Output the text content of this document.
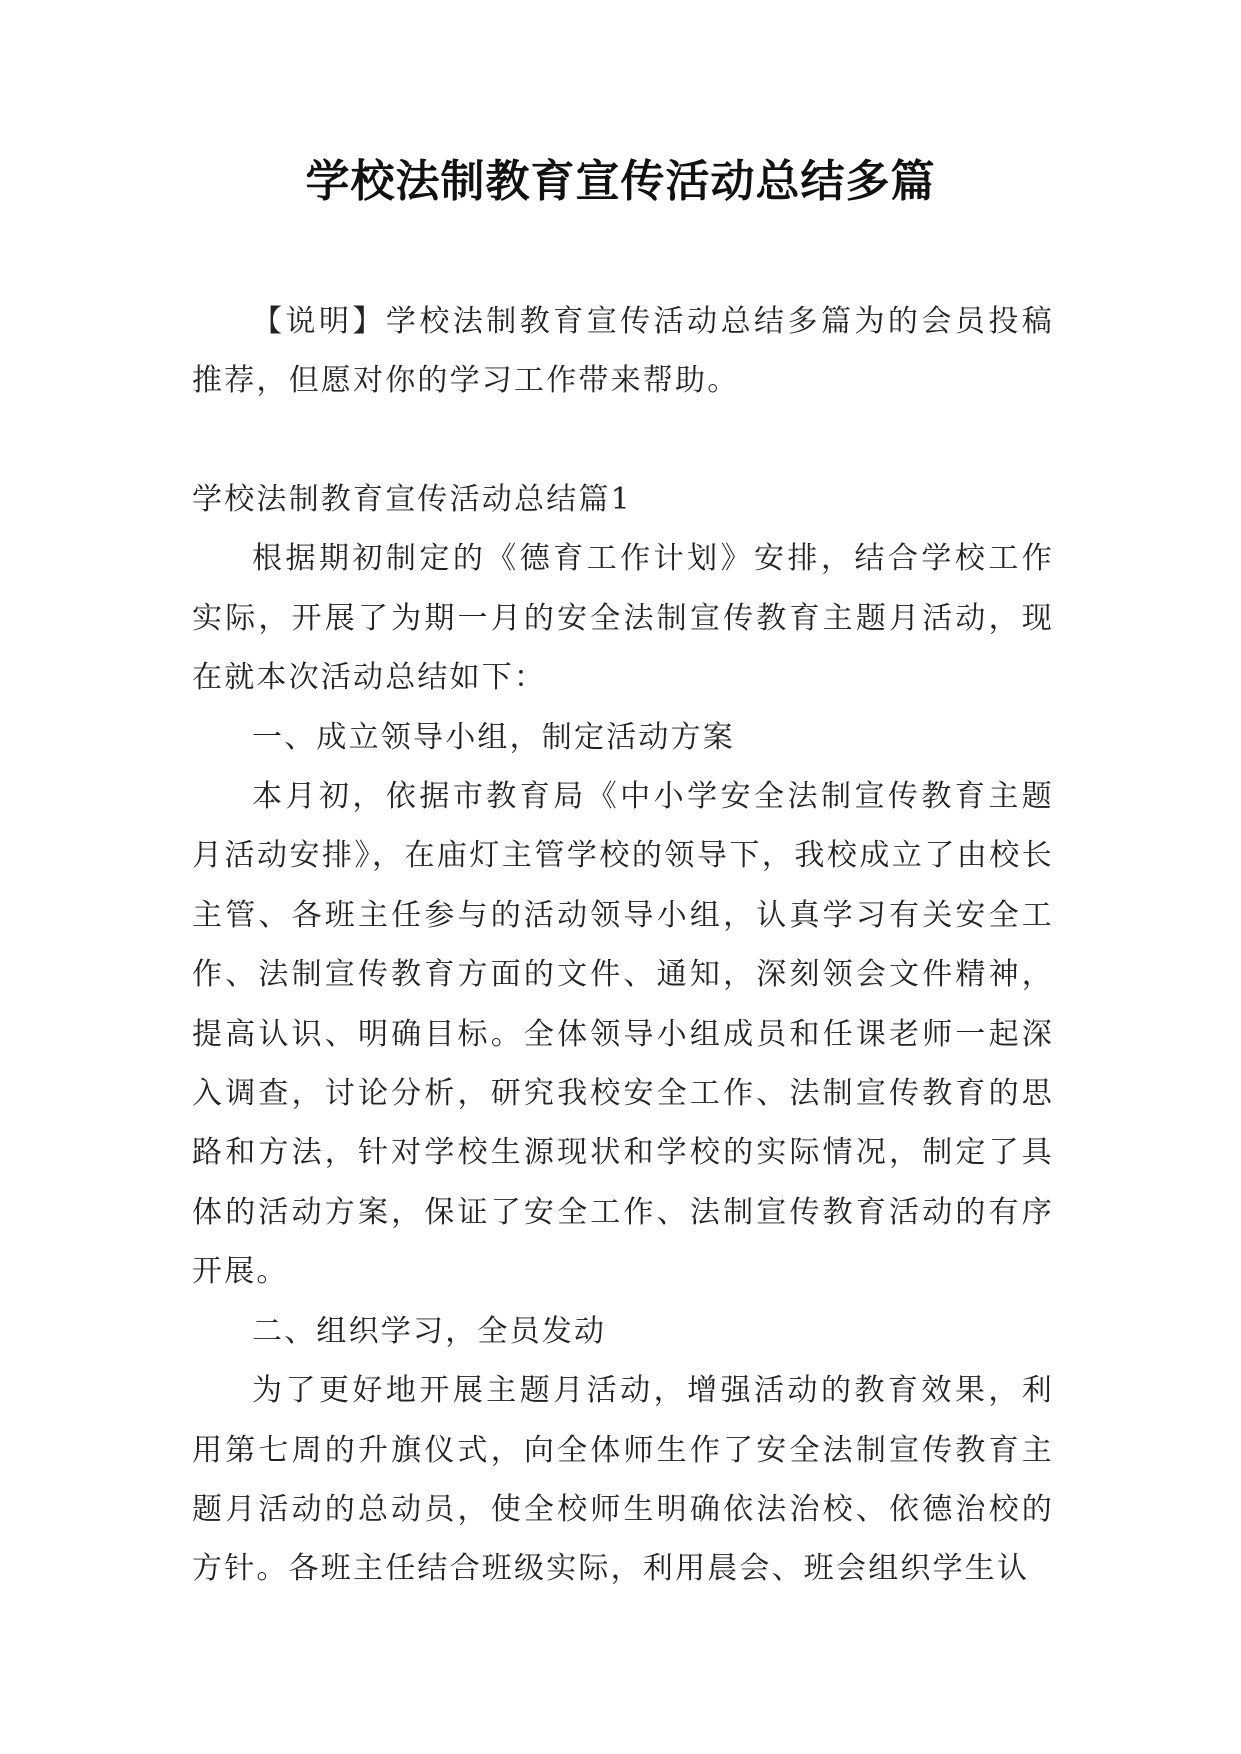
学校法制教育宣传活动总结多篇

【说明】学校法制教育宣传活动总结多篇为的会员投稿推荐，但愿对你的学习工作带来帮助。

学校法制教育宣传活动总结篇1

根据期初制定的《德育工作计划》安排，结合学校工作实际，开展了为期一月的安全法制宣传教育主题月活动，现在就本次活动总结如下：

一、成立领导小组，制定活动方案

本月初，依据市教育局《中小学安全法制宣传教育主题月活动安排》，在庙灯主管学校的领导下，我校成立了由校长主管、各班主任参与的活动领导小组，认真学习有关安全工作、法制宣传教育方面的文件、通知，深刻领会文件精神，提高认识、明确目标。全体领导小组成员和任课老师一起深入调查，讨论分析，研究我校安全工作、法制宣传教育的思路和方法，针对学校生源现状和学校的实际情况，制定了具体的活动方案，保证了安全工作、法制宣传教育活动的有序开展。

二、组织学习，全员发动

为了更好地开展主题月活动，增强活动的教育效果，利用第七周的升旗仪式，向全体师生作了安全法制宣传教育主题月活动的总动员，使全校师生明确依法治校、依德治校的方针。各班主任结合班级实际，利用晨会、班会组织学生认
